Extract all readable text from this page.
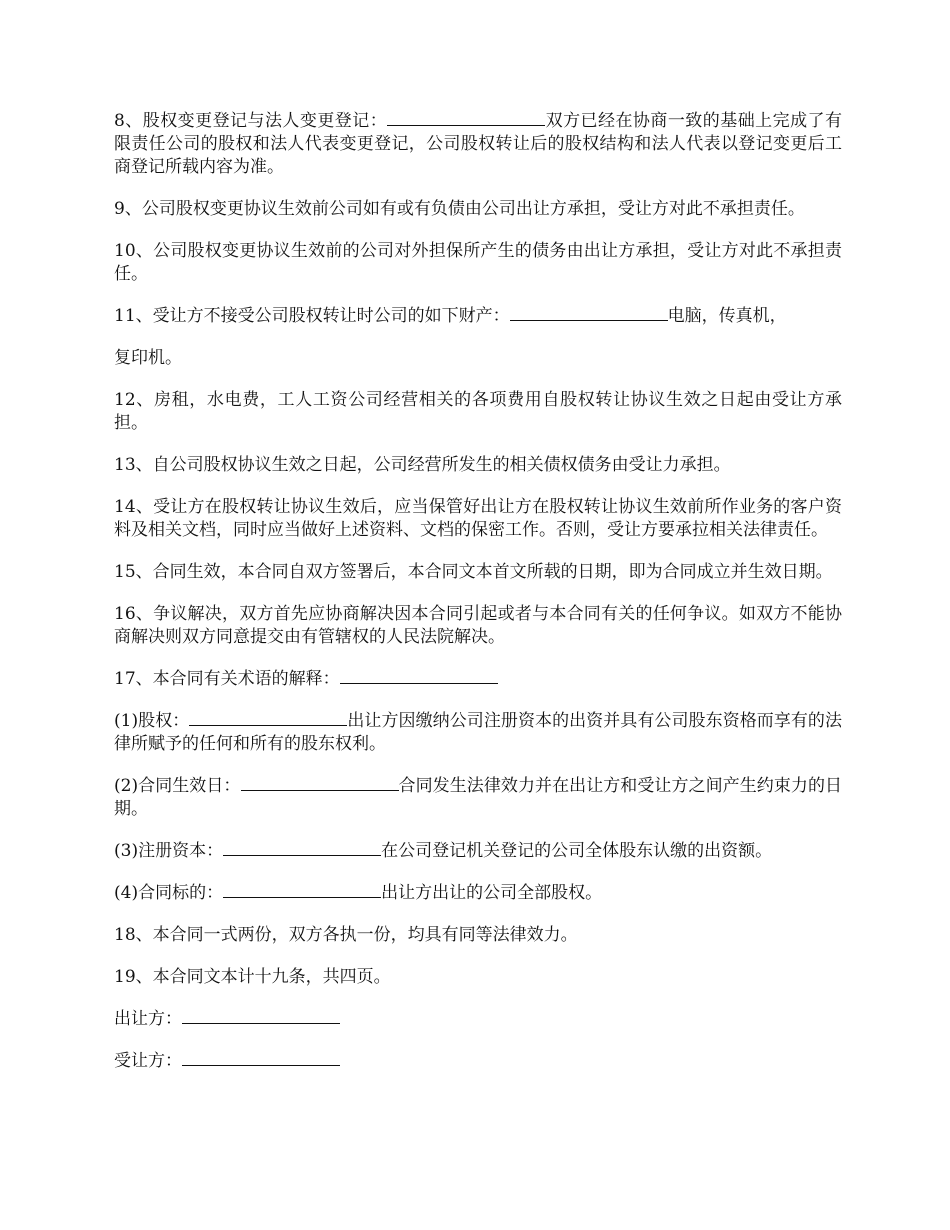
8、股权变更登记与法人变更登记：	双方已经在协商一致的基础上完成了有限责任公司的股权和法人代表变更登记，公司股权转让后的股权结构和法人代表以登记变更后工商登记所载内容为准。

9、公司股权变更协议生效前公司如有或有负债由公司出让方承担，受让方对此不承担责任。

10、公司股权变更协议生效前的公司对外担保所产生的债务由出让方承担，受让方对此不承担责任。

11、受让方不接受公司股权转让时公司的如下财产：	电脑，传真机，

复印机。

12、房租，水电费，工人工资公司经营相关的各项费用自股权转让协议生效之日起由受让方承担。

13、自公司股权协议生效之日起，公司经营所发生的相关债权债务由受让力承担。

14、受让方在股权转让协议生效后，应当保管好出让方在股权转让协议生效前所作业务的客户资料及相关文档，同时应当做好上述资料、文档的保密工作。否则，受让方要承拉相关法律责任。

15、合同生效，本合同自双方签署后，本合同文本首文所载的日期，即为合同成立并生效日期。

16、争议解决，双方首先应协商解决因本合同引起或者与本合同有关的任何争议。如双方不能协商解决则双方同意提交由有管辖权的人民法院解决。

17、本合同有关术语的解释：

(1)股权：	出让方因缴纳公司注册资本的出资并具有公司股东资格而享有的法律所赋予的任何和所有的股东权利。

(2)合同生效日：	合同发生法律效力并在出让方和受让方之间产生约束力的日期。

(3)注册资本：	在公司登记机关登记的公司全体股东认缴的出资额。

(4)合同标的：	出让方出让的公司全部股权。

18、本合同一式两份，双方各执一份，均具有同等法律效力。

19、本合同文本计十九条，共四页。

出让方：

受让方：
